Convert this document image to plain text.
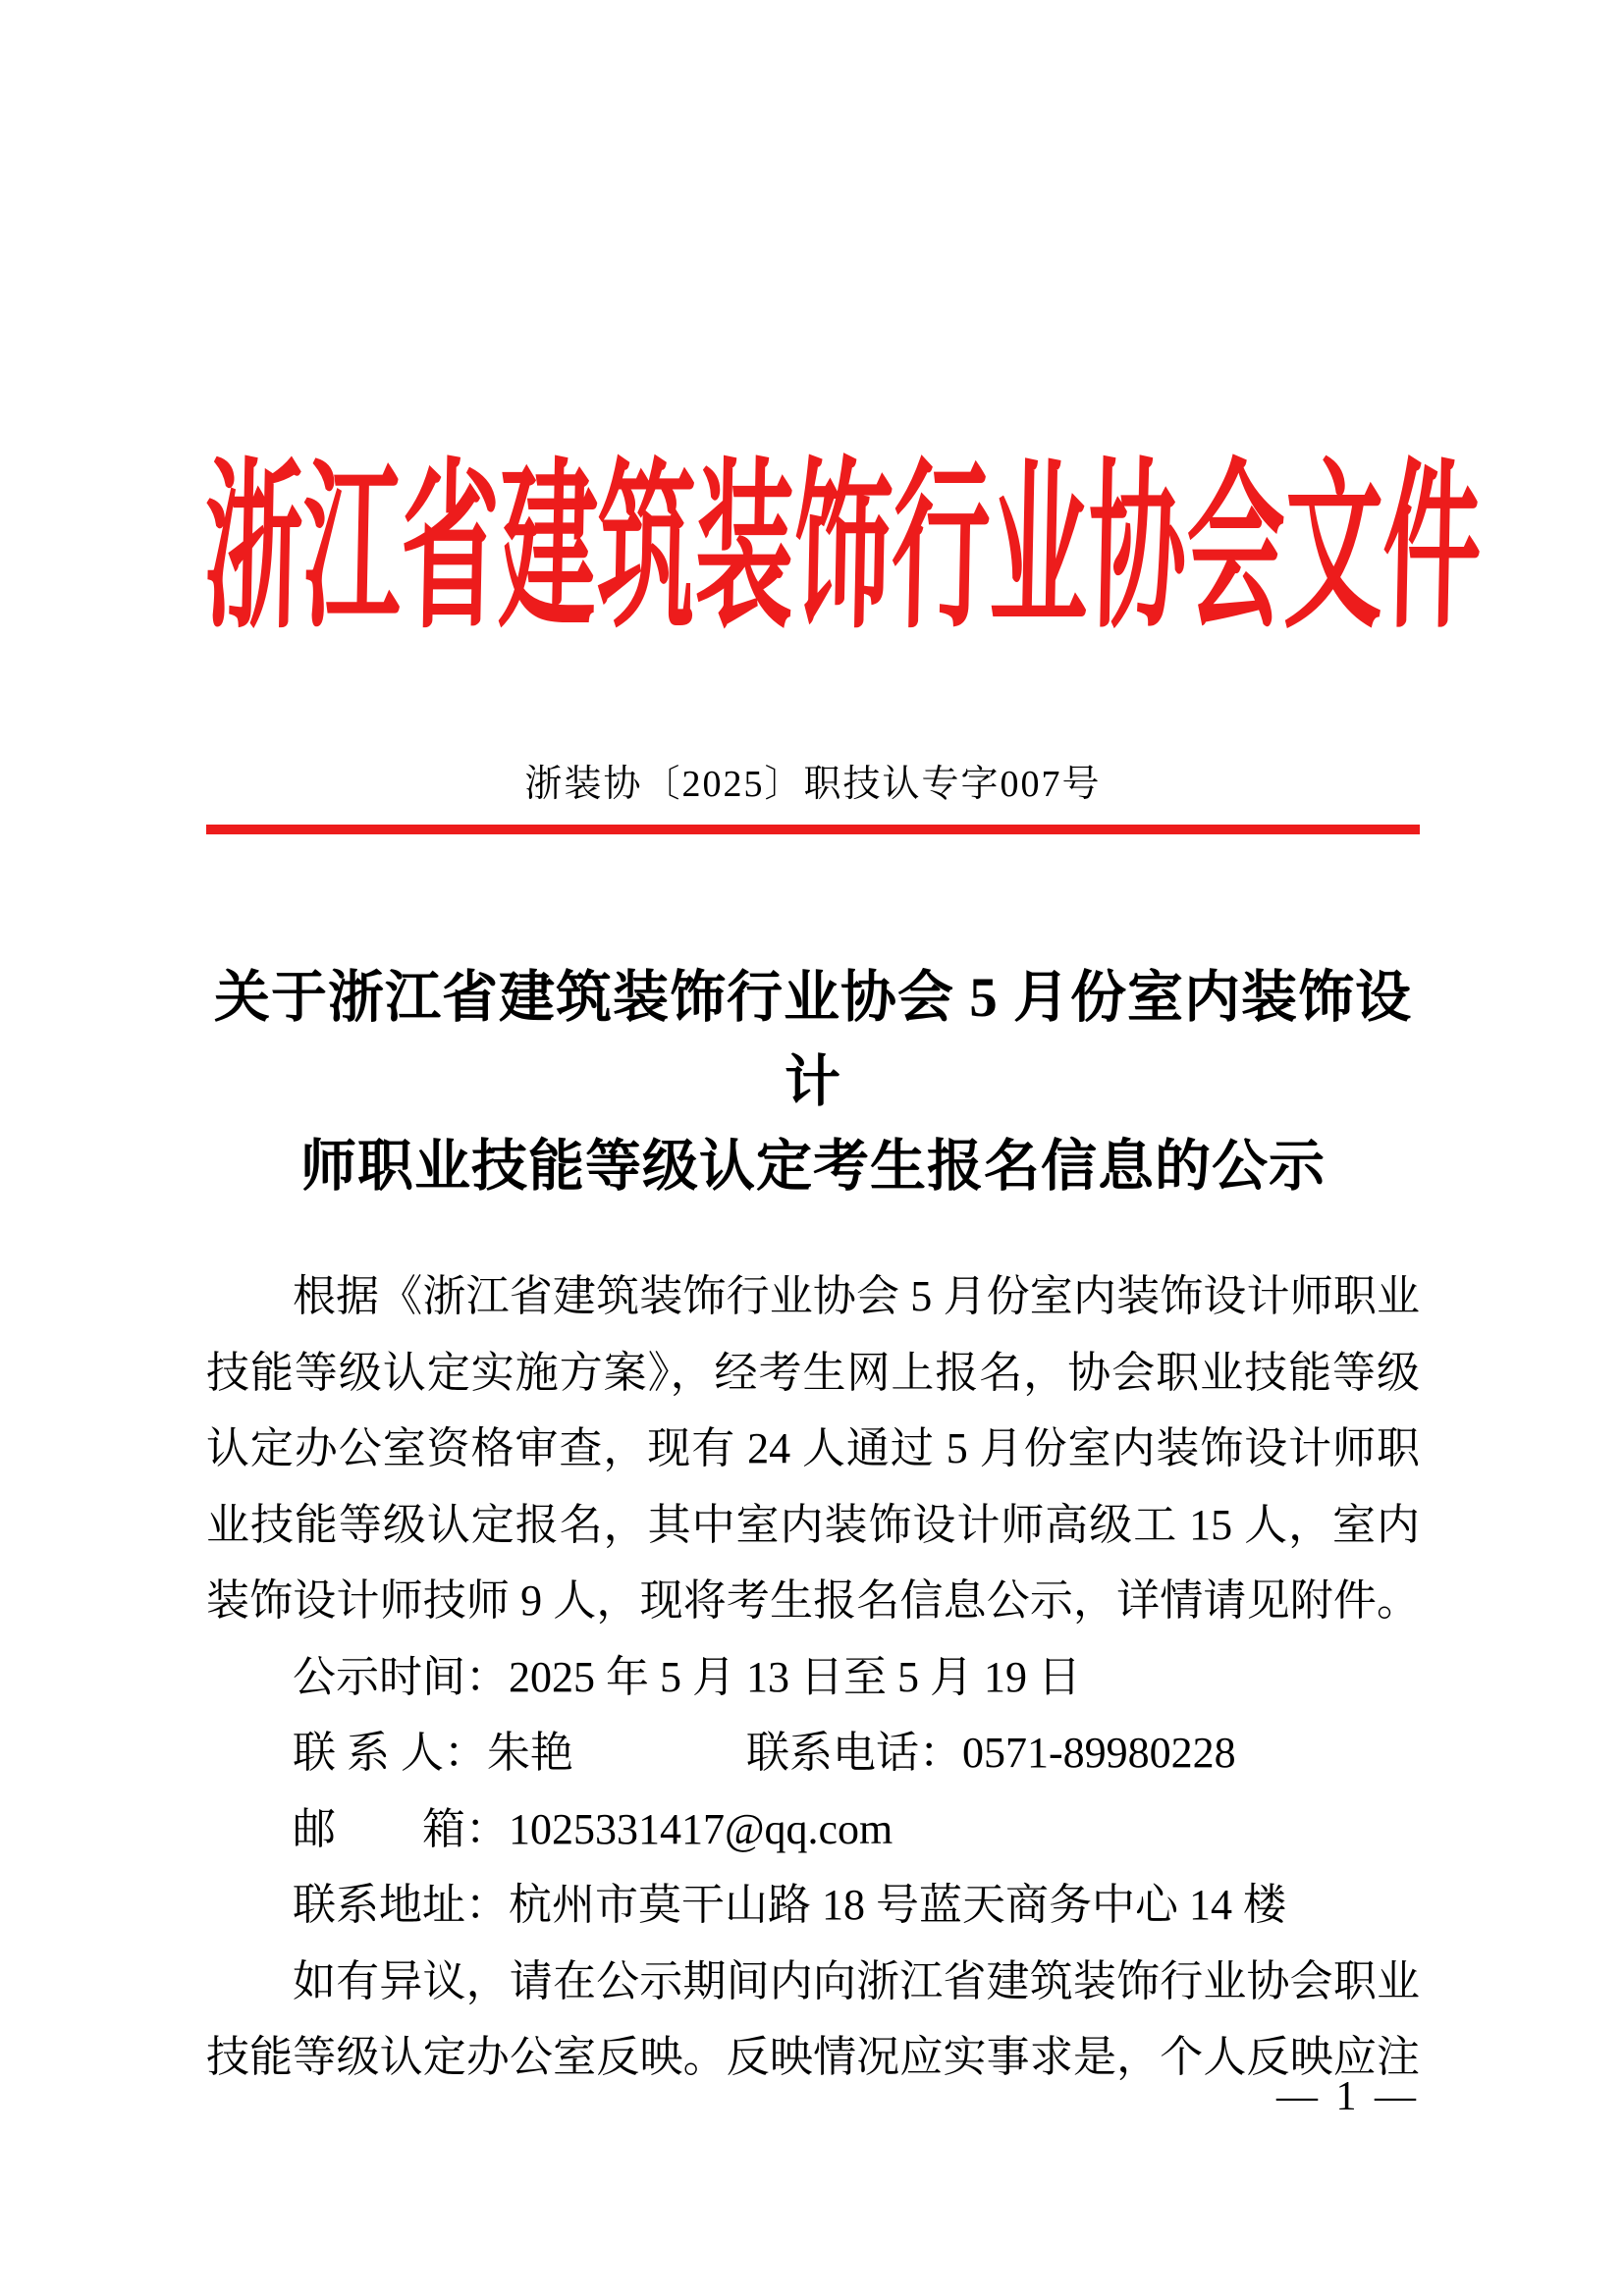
浙
江
省
建
筑
装
饰
行
业
协
会
文
件
浙装协〔2025〕职技认专字007号
关于浙江省建筑装饰行业协会 5 月份室内装饰设计
师职业技能等级认定考生报名信息的公示
根据《浙江省建筑装饰行业协会 5 月份室内装饰设计师职业
技能等级认定实施方案》，经考生网上报名，协会职业技能等级
认定办公室资格审查，现有 24 人通过 5 月份室内装饰设计师职
业技能等级认定报名，其中室内装饰设计师高级工 15 人，室内
装饰设计师技师 9 人，现将考生报名信息公示，详情请见附件。
公示时间：2025 年 5 月 13 日至 5 月 19 日
联 系 人：朱艳　　　　联系电话：0571-89980228
邮　　箱：1025331417@qq.com
联系地址：杭州市莫干山路 18 号蓝天商务中心 14 楼
如有异议，请在公示期间内向浙江省建筑装饰行业协会职业
技能等级认定办公室反映。反映情况应实事求是，个人反映应注
— 1 —
